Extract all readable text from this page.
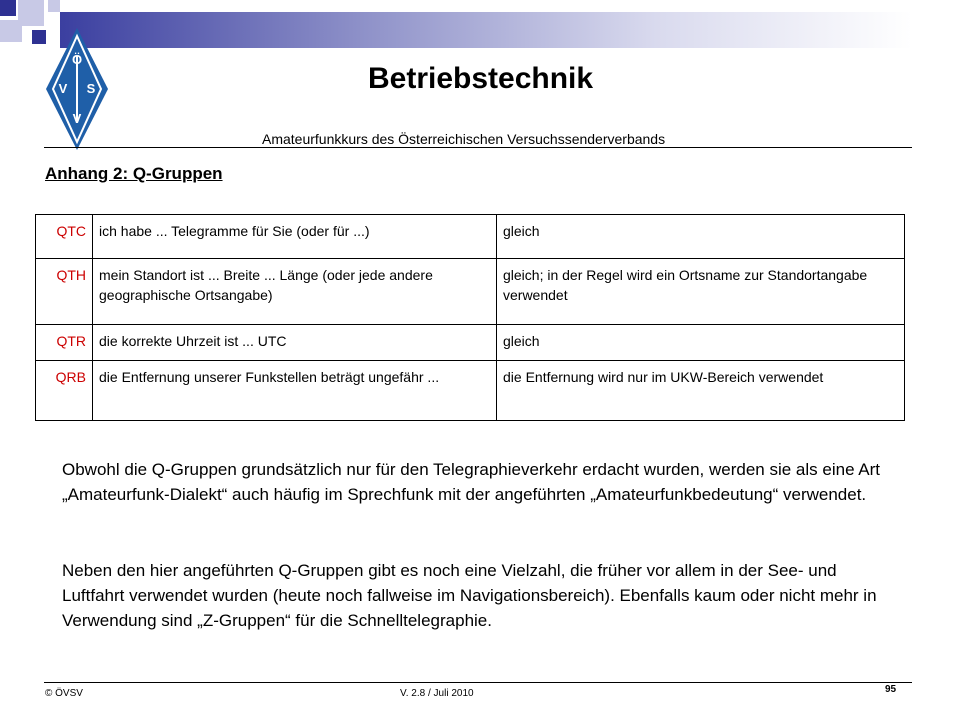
Ö
V S
V
Betriebstechnik
Amateurfunkkurs des Österreichischen Versuchssenderverbands
Anhang 2: Q-Gruppen
QTC	ich habe ... Telegramme für Sie (oder für ...)	gleich
QTH	mein Standort ist ... Breite ... Länge (oder jede andere geographische Ortsangabe)	gleich; in der Regel wird ein Ortsname zur Standortangabe verwendet
QTR	die korrekte Uhrzeit ist ... UTC	gleich
QRB	die Entfernung unserer Funkstellen beträgt ungefähr ...	die Entfernung wird nur im UKW-Bereich verwendet
Obwohl die Q-Gruppen grundsätzlich nur für den Telegraphieverkehr erdacht wurden, werden sie als eine Art „Amateurfunk-Dialekt“ auch häufig im Sprechfunk mit der angeführten „Amateurfunkbedeutung“ verwendet.
Neben den hier angeführten Q-Gruppen gibt es noch eine Vielzahl, die früher vor allem in der See- und Luftfahrt verwendet wurden (heute noch fallweise im Navigationsbereich). Ebenfalls kaum oder nicht mehr in Verwendung sind „Z-Gruppen“ für die Schnelltelegraphie.
© ÖVSV	V. 2.8 / Juli 2010	95
